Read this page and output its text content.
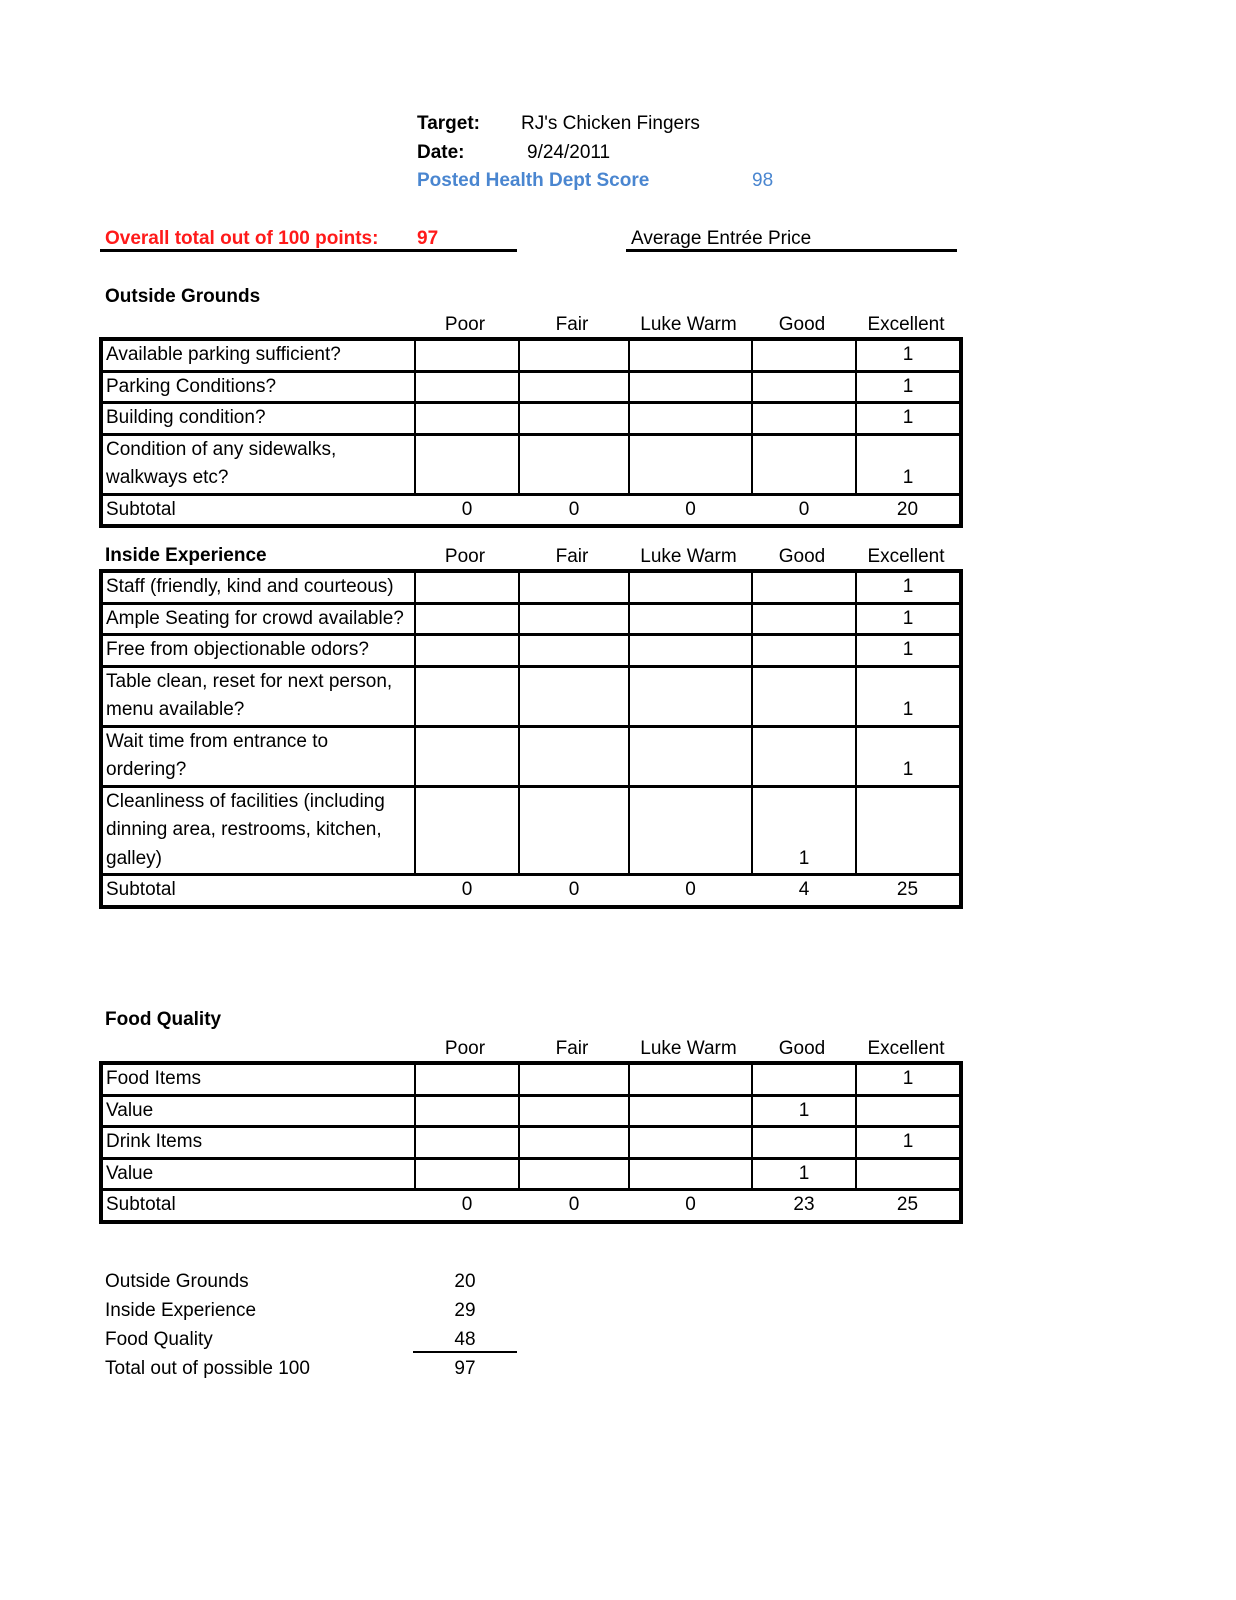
Target: RJ's Chicken Fingers
Date:	9/24/2011
Posted Health Dept Score	98
Overall total out of 100 points: 97	Average Entrée Price
Outside Grounds
Poor	Fair	Luke Warm	Good	Excellent
Available parking sufficient?					1
Parking Conditions?					1
Building condition?					1
Condition of any sidewalks, walkways etc?					1
Subtotal	0	0	0	0	20
Inside Experience	Poor	Fair	Luke Warm	Good	Excellent
Staff (friendly, kind and courteous)					1
Ample Seating for crowd available?					1
Free from objectionable odors?					1
Table clean, reset for next person, menu available?					1
Wait time from entrance to ordering?					1
Cleanliness of facilities (including dinning area, restrooms, kitchen, galley)				1	
Subtotal	0	0	0	4	25
Food Quality
Poor	Fair	Luke Warm	Good	Excellent
Food Items					1
Value				1	
Drink Items					1
Value				1	
Subtotal	0	0	0	23	25
Outside Grounds	20
Inside Experience	29
Food Quality	48
Total out of possible 100	97
